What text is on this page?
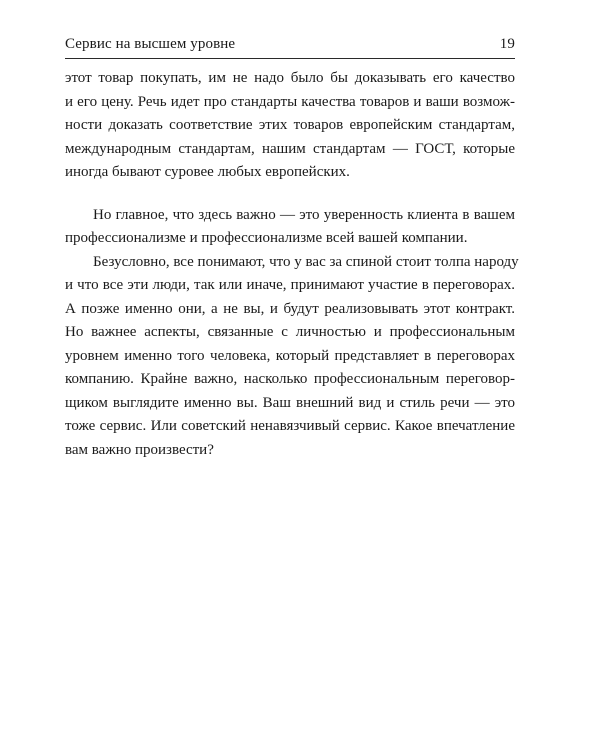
Сервис на высшем уровне	19
этот товар покупать, им не надо было бы доказывать его качество
и его цену. Речь идет про стандарты качества товаров и ваши возмож-
ности доказать соответствие этих товаров европейским стандартам,
международным стандартам, нашим стандартам — ГОСТ, которые
иногда бывают суровее любых европейских.
Но главное, что здесь важно — это уверенность клиента в вашем
профессионализме и профессионализме всей вашей компании.
Безусловно, все понимают, что у вас за спиной стоит толпа народу
и что все эти люди, так или иначе, принимают участие в переговорах.
А позже именно они, а не вы, и будут реализовывать этот контракт.
Но важнее аспекты, связанные с личностью и профессиональным
уровнем именно того человека, который представляет в переговорах
компанию. Крайне важно, насколько профессиональным переговор-
щиком выглядите именно вы. Ваш внешний вид и стиль речи — это
тоже сервис. Или советский ненавязчивый сервис. Какое впечатление
вам важно произвести?
